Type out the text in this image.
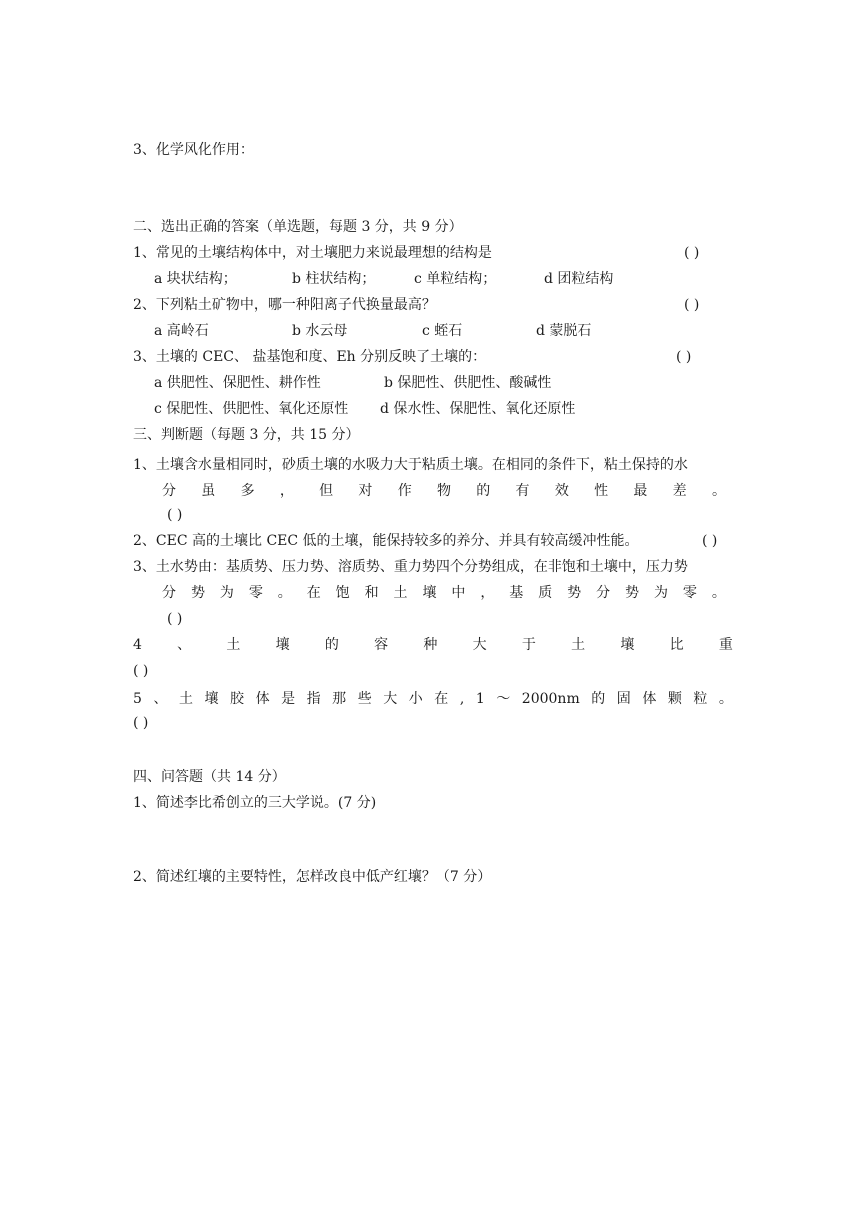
3、化学风化作用：
二、选出正确的答案（单选题，每题 3 分，共 9 分）
1、常见的土壤结构体中，对土壤肥力来说最理想的结构是	( )
a 块状结构；	b 柱状结构；	c 单粒结构；	d 团粒结构
2、下列粘土矿物中，哪一种阳离子代换量最高？	( )
a 高岭石	b 水云母	c 蛭石	d 蒙脱石
3、土壤的 CEC、 盐基饱和度、Eh 分别反映了土壤的：	( )
a 供肥性、保肥性、耕作性	b 保肥性、供肥性、酸碱性
c 保肥性、供肥性、氧化还原性 d 保水性、保肥性、氧化还原性
三、判断题（每题 3 分，共 15 分）
1、土壤含水量相同时，砂质土壤的水吸力大于粘质土壤。在相同的条件下，粘土保持的水
分 虽 多 ， 但 对 作 物 的 有 效 性 最 差 。
( )
2、CEC 高的土壤比 CEC 低的土壤，能保持较多的养分、并具有较高缓冲性能。	( )
3、土水势由：基质势、压力势、溶质势、重力势四个分势组成，在非饱和土壤中，压力势
分 势 为 零 。 在 饱 和 土 壤 中 ， 基 质 势 分 势 为 零 。
( )
4	、	土	壤	的	容	种	大	于	土	壤	比	重
( )
5 、 土 壤 胶 体 是 指 那 些 大 小 在 , 1 ～ 2000nm 的 固 体 颗 粒 。
( )
四、问答题（共 14 分）
1、简述李比希创立的三大学说。(7 分)
2、简述红壤的主要特性，怎样改良中低产红壤？（7 分）
